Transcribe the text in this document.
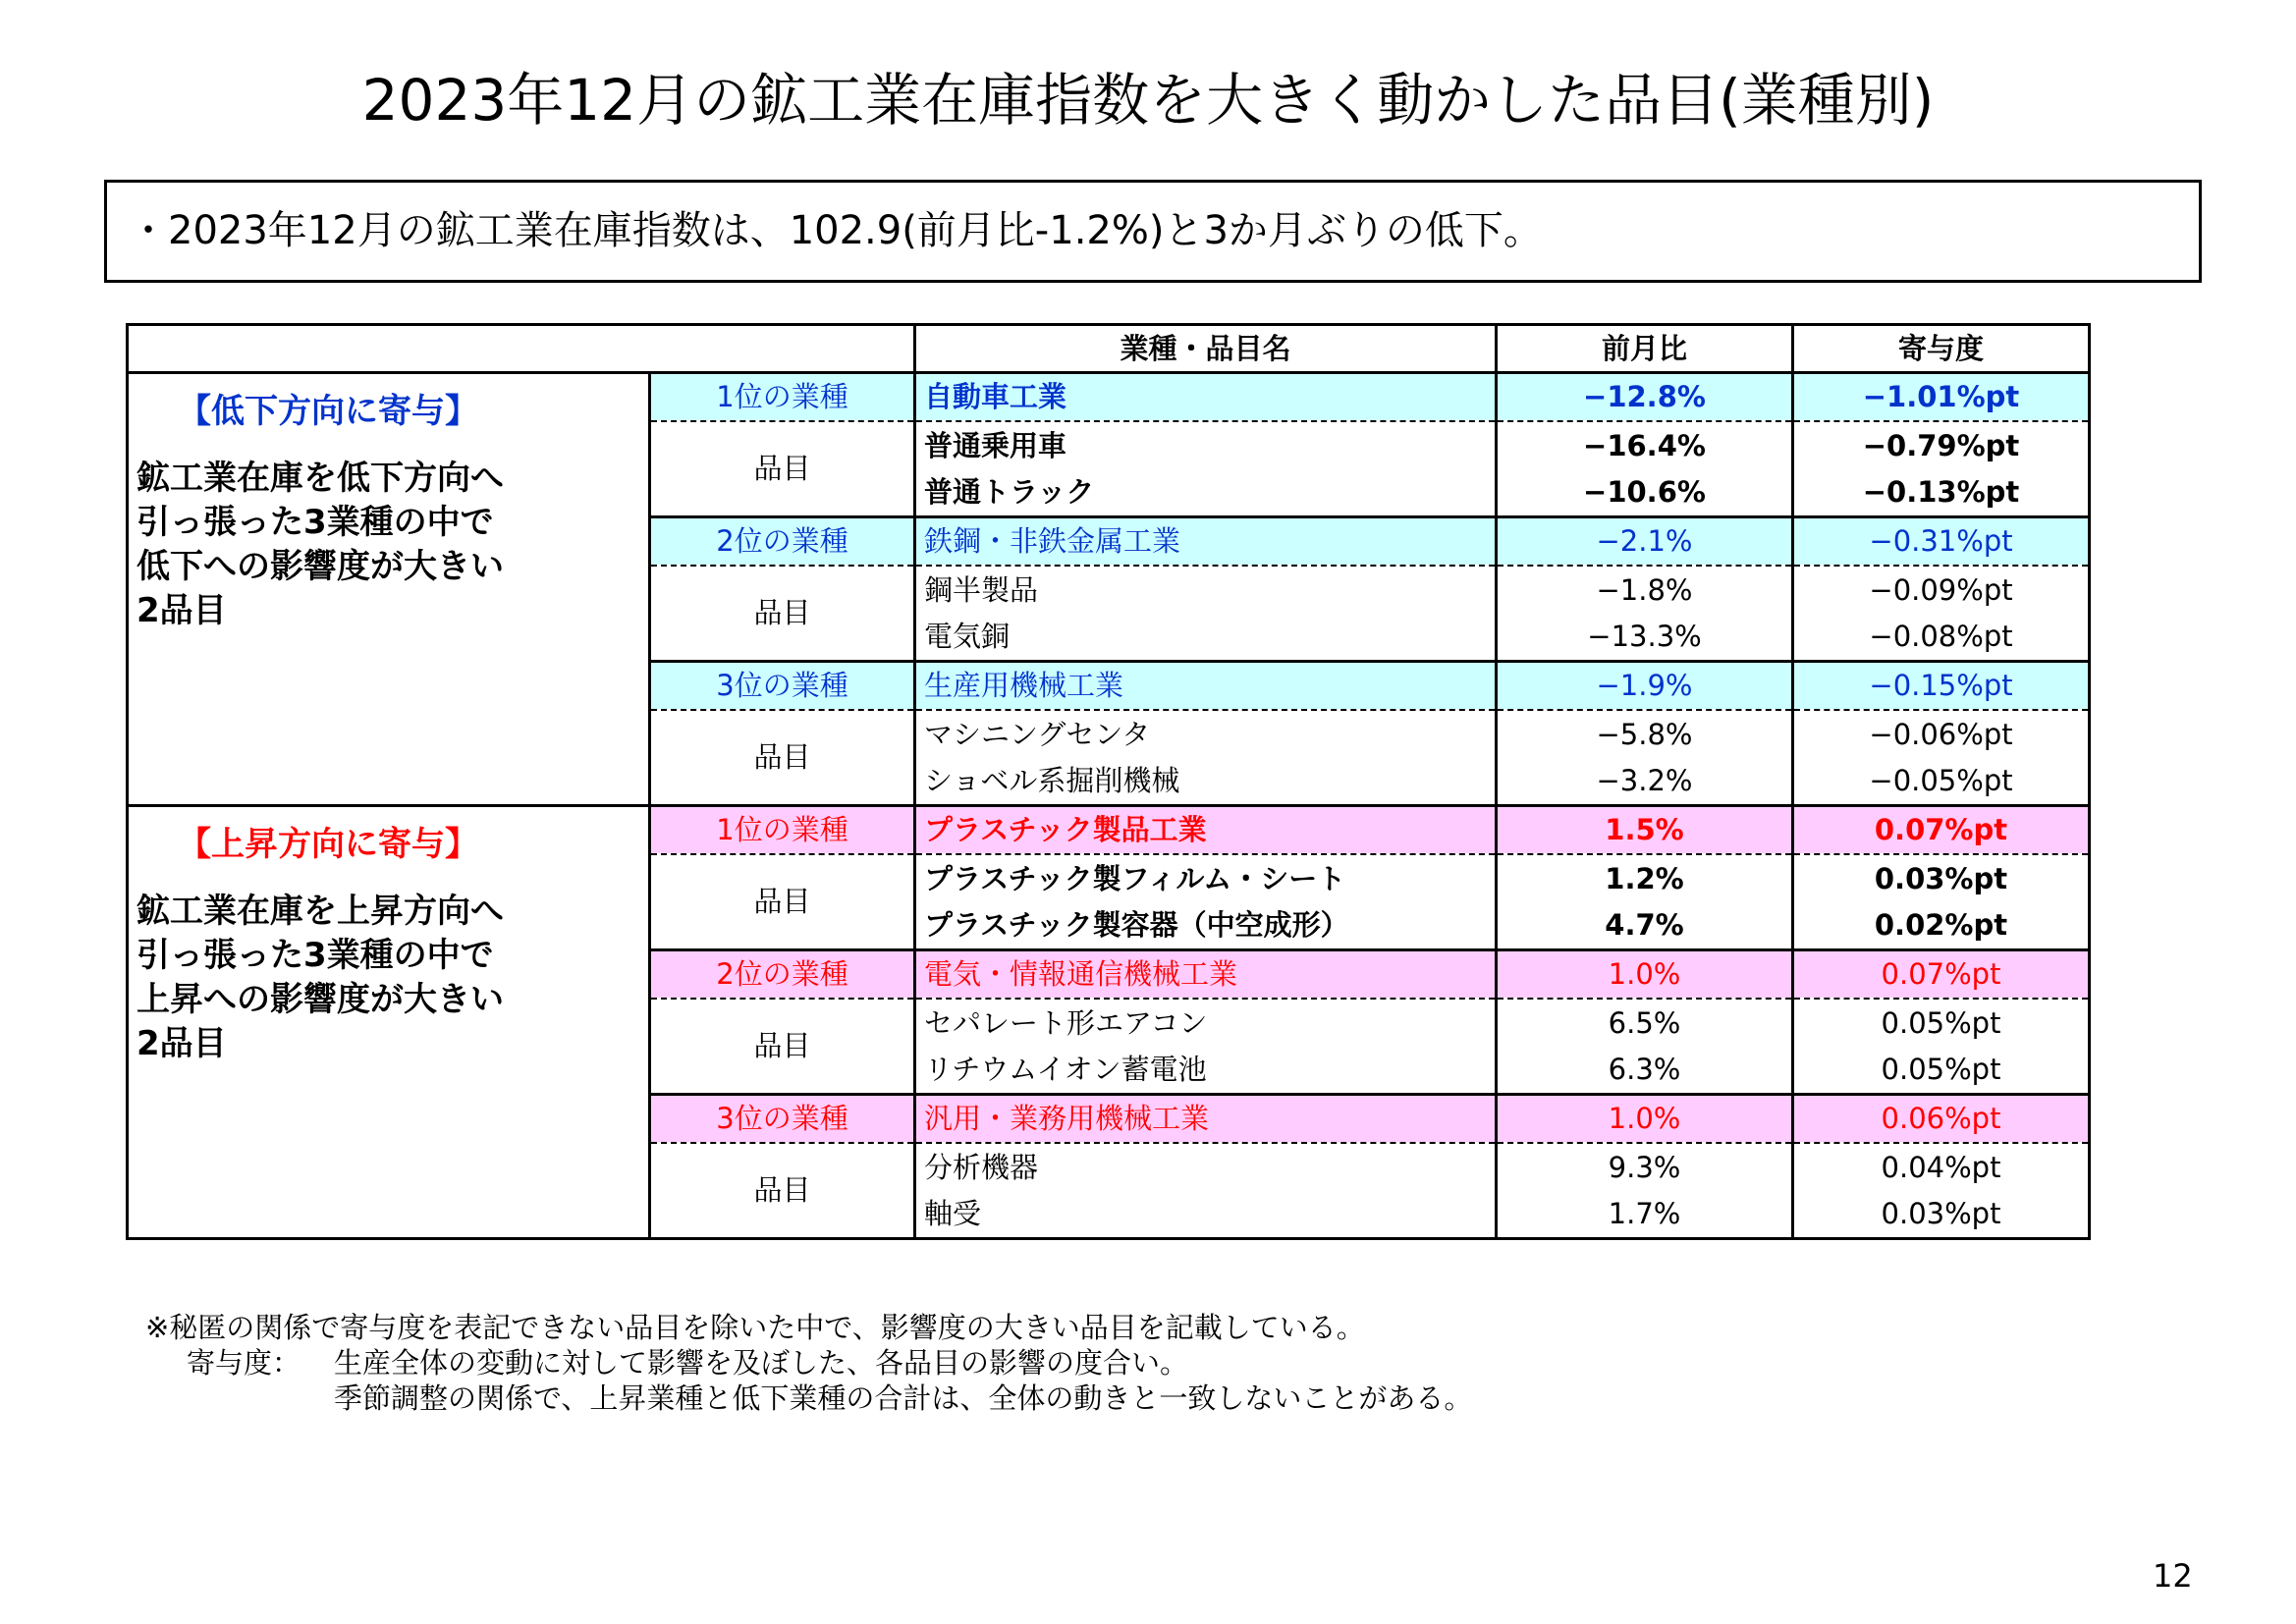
2023年12月の鉱工業在庫指数を大きく動かした品目(業種別)
・2023年12月の鉱工業在庫指数は、102.9(前月比-1.2%)と3か月ぶりの低下。
		業種・品目名	前月比	寄与度

【低下方向に寄与】
鉱工業在庫を低下方向へ
引っ張った3業種の中で
低下への影響度が大きい
2品目	1位の業種	自動車工業	−12.8%	−1.01%pt
	品目	普通乗用車	−16.4%	−0.79%pt
		普通トラック	−10.6%	−0.13%pt
	2位の業種	鉄鋼・非鉄金属工業	−2.1%	−0.31%pt
	品目	鋼半製品	−1.8%	−0.09%pt
		電気銅	−13.3%	−0.08%pt
	3位の業種	生産用機械工業	−1.9%	−0.15%pt
	品目	マシニングセンタ	−5.8%	−0.06%pt
		ショベル系掘削機械	−3.2%	−0.05%pt

【上昇方向に寄与】
鉱工業在庫を上昇方向へ
引っ張った3業種の中で
上昇への影響度が大きい
2品目	1位の業種	プラスチック製品工業	1.5%	0.07%pt
	品目	プラスチック製フィルム・シート	1.2%	0.03%pt
		プラスチック製容器（中空成形）	4.7%	0.02%pt
	2位の業種	電気・情報通信機械工業	1.0%	0.07%pt
	品目	セパレート形エアコン	6.5%	0.05%pt
		リチウムイオン蓄電池	6.3%	0.05%pt
	3位の業種	汎用・業務用機械工業	1.0%	0.06%pt
	品目	分析機器	9.3%	0.04%pt
		軸受	1.7%	0.03%pt
※秘匿の関係で寄与度を表記できない品目を除いた中で、影響度の大きい品目を記載している。
寄与度： 生産全体の変動に対して影響を及ぼした、各品目の影響の度合い。
季節調整の関係で、上昇業種と低下業種の合計は、全体の動きと一致しないことがある。
12
